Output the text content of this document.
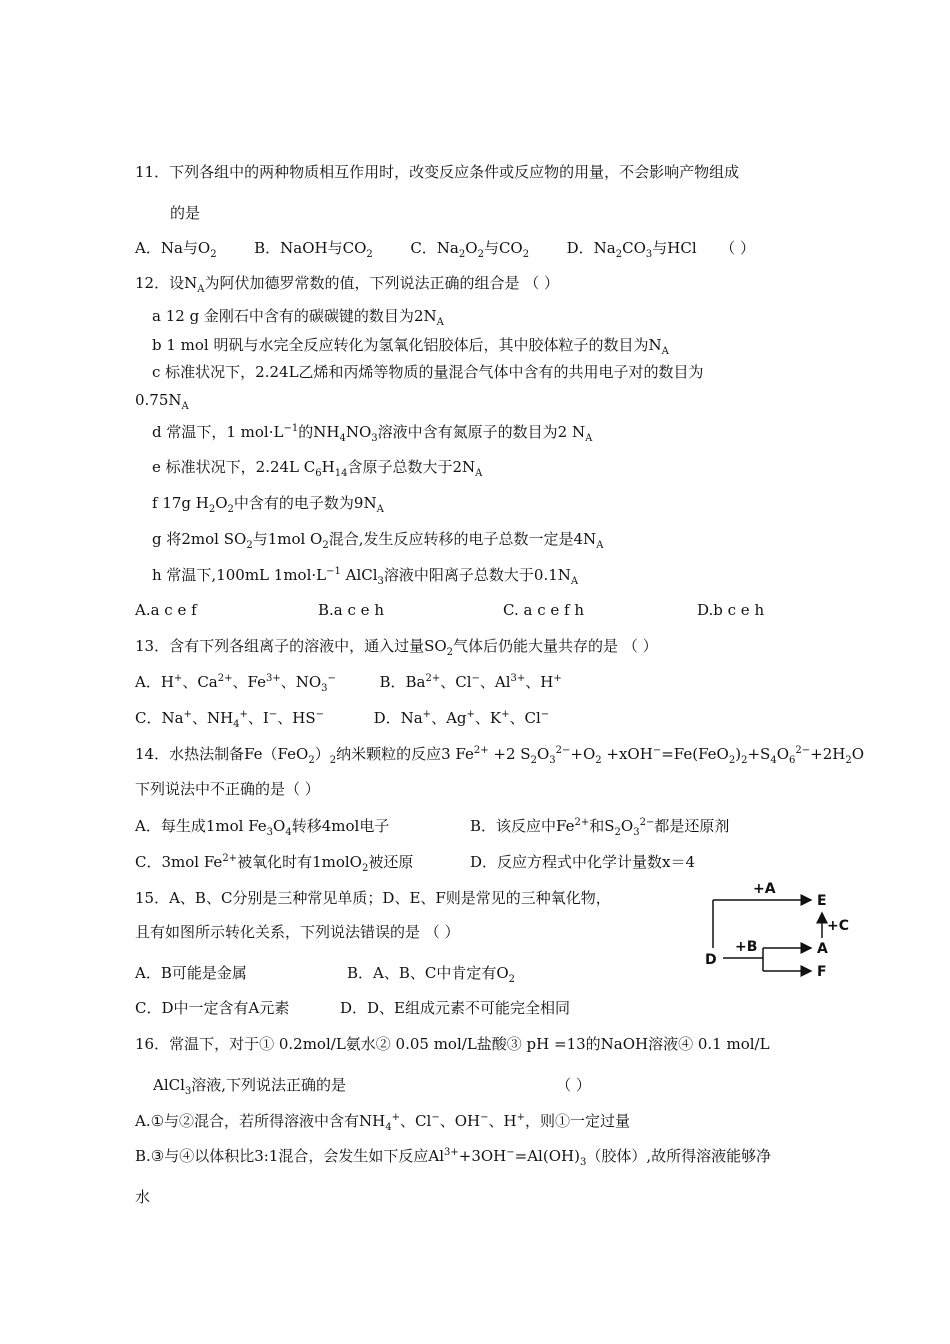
11．下列各组中的两种物质相互作用时，改变反应条件或反应物的用量，不会影响产物组成
的是
A．Na与$O_2$	B．NaOH与$CO_2$	C．$Na_2O_2$与$CO_2$	D．$Na_2CO_3$与HCl （ ）
12．设$N_A$为阿伏加德罗常数的值，下列说法正确的组合是 （ ）
a 12 g 金刚石中含有的碳碳键的数目为$2N_A$
b 1 mol 明矾与水完全反应转化为氢氧化铝胶体后，其中胶体粒子的数目为$N_A$
c 标准状况下，2.24L乙烯和丙烯等物质的量混合气体中含有的共用电子对的数目为
$0.75N_A$
d 常温下，1 $mol\cdot L^{-1}$的$NH_4NO_3$溶液中含有氮原子的数目为2 $N_A$
e 标准状况下，2.24L $C_6H_{14}$含原子总数大于$2N_A$
f 17g $H_2O_2$中含有的电子数为$9N_A$
g 将2mol $SO_2$与1mol $O_2$混合,发生反应转移的电子总数一定是$4N_A$
h 常温下,100mL $1mol\cdot L^{-1}$ AlCl$_3$溶液中阳离子总数大于$0.1N_A$
A.a c e f	B.a c e h	C. a c e f h	D.b c e h
13．含有下列各组离子的溶液中，通入过量$SO_2$气体后仍能大量共存的是 （ ）
A．H+、$Ca^{2+}$、$Fe^{3+}$、$NO_3^-$	B．$Ba^{2+}$、Cl−、$Al^{3+}$、H+
C．Na+、$NH_4^+$、I−、HS−	D．Na+、Ag+、K+、Cl−
14．水热法制备$Fe(FeO_2)_2$纳米颗粒的反应3 $Fe^{2+} +2$ $S_2O_3^{2-}+O_2 +xOH^-=Fe(FeO_2)_2+S_4O_6^{2-}+2H_2O$
下列说法中不正确的是（ ）
A．每生成1mol $Fe_3O_4$转移4mol电子	B．该反应中$Fe^{2+}$和$S_2O_3^{2-}$都是还原剂
C．3mol $Fe^{2+}$被氧化时有1molO$_2$被还原	D．反应方程式中化学计量数x＝4
15．A、B、C分别是三种常见单质；D、E、F则是常见的三种氧化物，
且有如图所示转化关系，下列说法错误的是 （ ）
A．B可能是金属	B．A、B、C中肯定有$O_2$
C．D中一定含有A元素	D．D、E组成元素不可能完全相同
+A
E
+C
D
+B	A
F
16．常温下，对于① 0.2mol/L氨水② 0.05 mol/L盐酸③ pH =13的NaOH溶液④ 0.1 mol/L
AlCl$_3$溶液,下列说法正确的是	（ ）
A.①与②混合，若所得溶液中含有$NH_4^+$、Cl−、OH−、H+，则①一定过量
B.③与④以体积比3:1混合，会发生如下反应$Al^{3+}+3OH^-=Al(OH)_3$（胶体）,故所得溶液能够净
水
